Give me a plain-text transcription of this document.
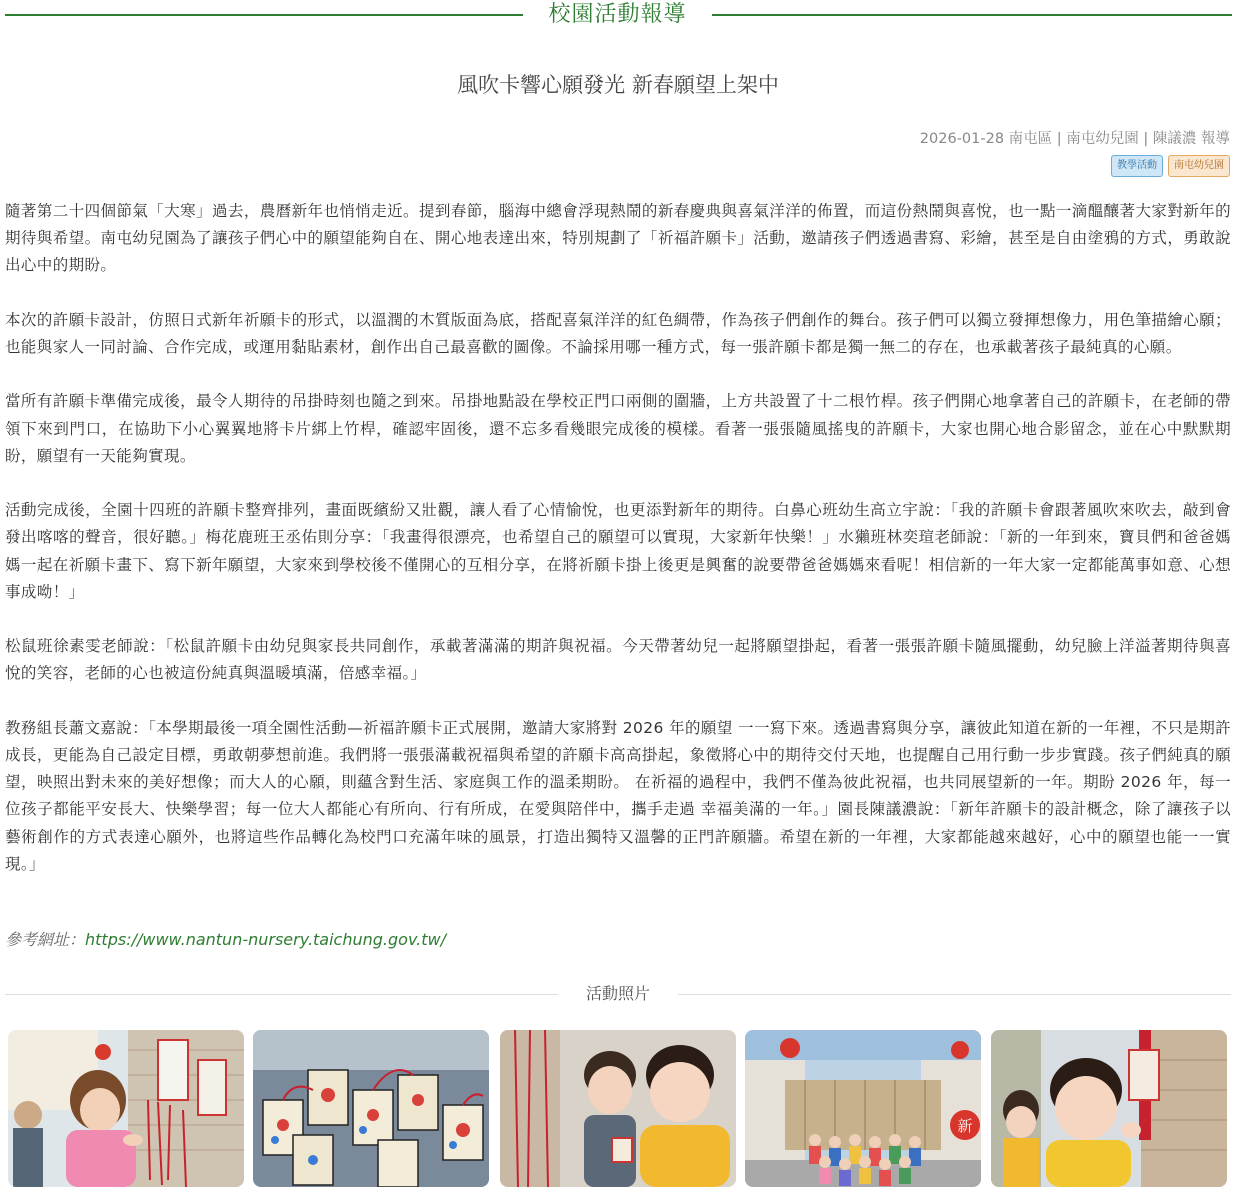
校園活動報導
風吹卡響心願發光 新春願望上架中
2026-01-28 南屯區 | 南屯幼兒園 | 陳議濃 報導
教學活動	南屯幼兒園

隨著第二十四個節氣「大寒」過去，農曆新年也悄悄走近。提到春節，腦海中總會浮現熱鬧的新春慶典與喜氣洋洋的佈置，而這份熱鬧與喜悅，也一點一滴醞釀著大家對新年的期待與希望。南屯幼兒園為了讓孩子們心中的願望能夠自在、開心地表達出來，特別規劃了「祈福許願卡」活動，邀請孩子們透過書寫、彩繪，甚至是自由塗鴉的方式，勇敢說出心中的期盼。

本次的許願卡設計，仿照日式新年祈願卡的形式，以溫潤的木質版面為底，搭配喜氣洋洋的紅色綢帶，作為孩子們創作的舞台。孩子們可以獨立發揮想像力，用色筆描繪心願；也能與家人一同討論、合作完成，或運用黏貼素材，創作出自己最喜歡的圖像。不論採用哪一種方式，每一張許願卡都是獨一無二的存在，也承載著孩子最純真的心願。

當所有許願卡準備完成後，最令人期待的吊掛時刻也隨之到來。吊掛地點設在學校正門口兩側的圍牆，上方共設置了十二根竹桿。孩子們開心地拿著自己的許願卡，在老師的帶領下來到門口，在協助下小心翼翼地將卡片綁上竹桿，確認牢固後，還不忘多看幾眼完成後的模樣。看著一張張隨風搖曳的許願卡，大家也開心地合影留念，並在心中默默期盼，願望有一天能夠實現。

活動完成後，全園十四班的許願卡整齊排列，畫面既繽紛又壯觀，讓人看了心情愉悅，也更添對新年的期待。白鼻心班幼生高立宇說：「我的許願卡會跟著風吹來吹去，敲到會發出喀喀的聲音，很好聽。」梅花鹿班王丞佑則分享：「我畫得很漂亮，也希望自己的願望可以實現，大家新年快樂！」水獺班林奕瑄老師說：「新的一年到來，寶貝們和爸爸媽媽一起在祈願卡畫下、寫下新年願望，大家來到學校後不僅開心的互相分享，在將祈願卡掛上後更是興奮的說要帶爸爸媽媽來看呢！相信新的一年大家一定都能萬事如意、心想事成呦！」

松鼠班徐素雯老師說：「松鼠許願卡由幼兒與家長共同創作，承載著滿滿的期許與祝福。今天帶著幼兒一起將願望掛起，看著一張張許願卡隨風擺動，幼兒臉上洋溢著期待與喜悅的笑容，老師的心也被這份純真與溫暖填滿，倍感幸福。」

教務組長蕭文嘉說：「本學期最後一項全園性活動—祈福許願卡正式展開，邀請大家將對 2026 年的願望 一一寫下來。透過書寫與分享，讓彼此知道在新的一年裡，不只是期許成長，更能為自己設定目標，勇敢朝夢想前進。我們將一張張滿載祝福與希望的許願卡高高掛起，象徵將心中的期待交付天地，也提醒自己用行動一步步實踐。孩子們純真的願望，映照出對未來的美好想像；而大人的心願，則蘊含對生活、家庭與工作的溫柔期盼。 在祈福的過程中，我們不僅為彼此祝福，也共同展望新的一年。期盼 2026 年，每一位孩子都能平安長大、快樂學習；每一位大人都能心有所向、行有所成，在愛與陪伴中，攜手走過 幸福美滿的一年。」園長陳議濃說：「新年許願卡的設計概念，除了讓孩子以藝術創作的方式表達心願外，也將這些作品轉化為校門口充滿年味的風景，打造出獨特又溫馨的正門許願牆。希望在新的一年裡，大家都能越來越好，心中的願望也能一一實現。」

參考網址：https://www.nantun-nursery.taichung.gov.tw/
活動照片
新
